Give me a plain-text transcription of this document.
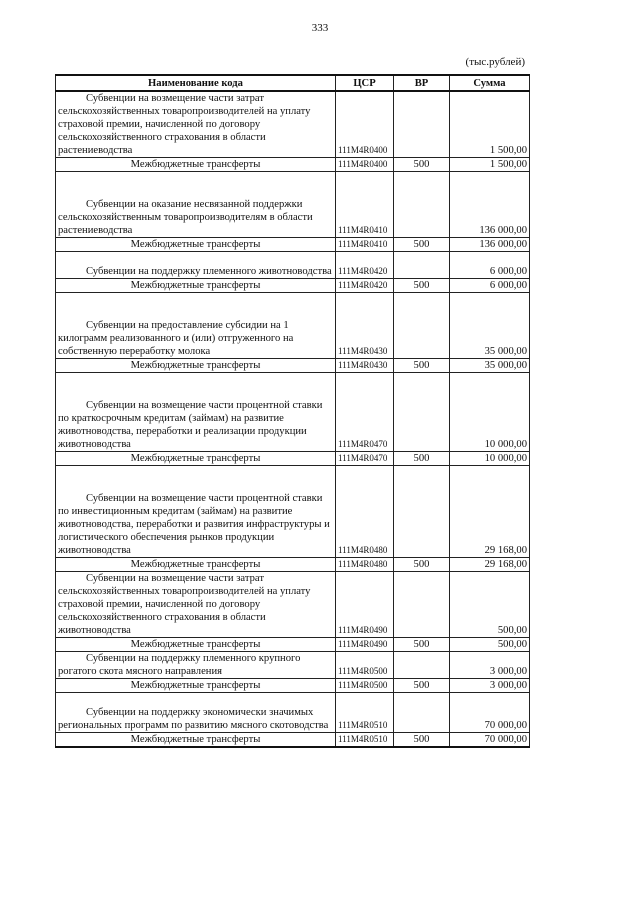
333
(тыс.рублей)
Наименование кода	ЦСР	ВР	Сумма

Субвенции на возмещение части затрат сельскохозяйственных товаропроизводителей на уплату страховой премии, начисленной по договору сельскохозяйственного страхования в области растениеводства	111M4R0400		1 500,00
Межбюджетные трансферты	111M4R0400	500	1 500,00

Субвенции на оказание несвязанной поддержки сельскохозяйственным товаропроизводителям в области растениеводства	111M4R0410		136 000,00
Межбюджетные трансферты	111M4R0410	500	136 000,00

Субвенции на поддержку племенного животноводства	111M4R0420		6 000,00
Межбюджетные трансферты	111M4R0420	500	6 000,00

Субвенции на предоставление субсидии на 1 килограмм реализованного и (или) отгруженного на собственную переработку молока	111M4R0430		35 000,00
Межбюджетные трансферты	111M4R0430	500	35 000,00

Субвенции на возмещение части процентной ставки по краткосрочным кредитам (займам) на развитие животноводства, переработки и реализации продукции животноводства	111M4R0470		10 000,00
Межбюджетные трансферты	111M4R0470	500	10 000,00

Субвенции на возмещение части процентной ставки по инвестиционным кредитам (займам) на развитие животноводства, переработки и развития инфраструктуры и логистического обеспечения рынков продукции животноводства	111M4R0480		29 168,00
Межбюджетные трансферты	111M4R0480	500	29 168,00

Субвенции на возмещение части затрат сельскохозяйственных товаропроизводителей на уплату страховой премии, начисленной по договору сельскохозяйственного страхования в области животноводства	111M4R0490		500,00
Межбюджетные трансферты	111M4R0490	500	500,00

Субвенции на поддержку племенного крупного рогатого скота мясного направления	111M4R0500		3 000,00
Межбюджетные трансферты	111M4R0500	500	3 000,00

Субвенции на поддержку экономически значимых региональных программ по развитию мясного скотоводства	111M4R0510		70 000,00
Межбюджетные трансферты	111M4R0510	500	70 000,00
